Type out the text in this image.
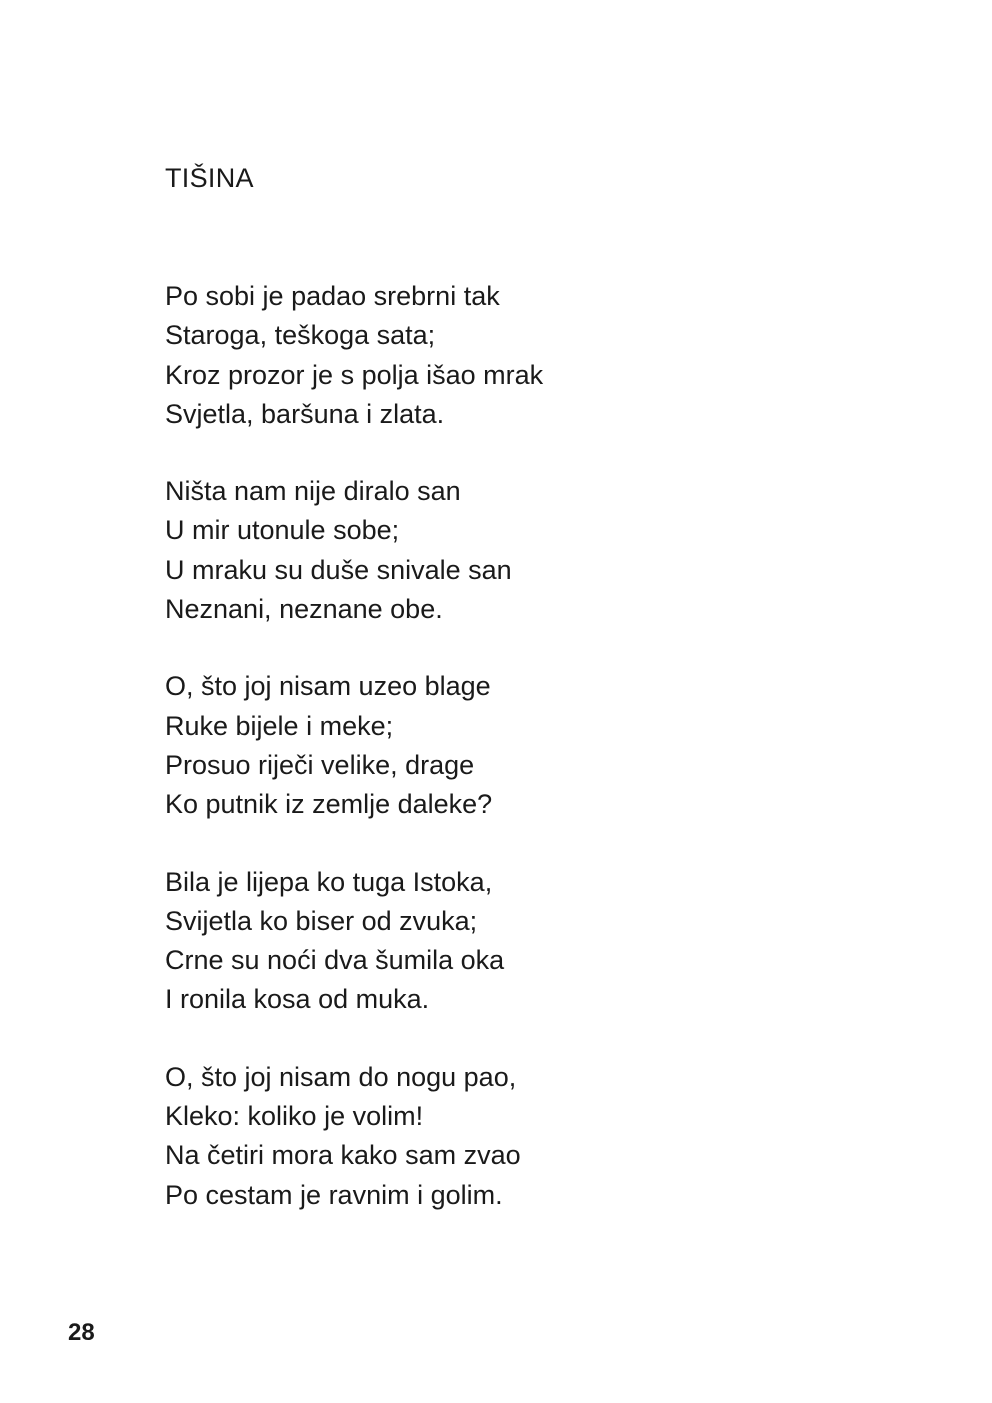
TIŠINA
Po sobi je padao srebrni tak
Staroga, teškoga sata;
Kroz prozor je s polja išao mrak
Svjetla, baršuna i zlata.
Ništa nam nije diralo san
U mir utonule sobe;
U mraku su duše snivale san
Neznani, neznane obe.
O, što joj nisam uzeo blage
Ruke bijele i meke;
Prosuo riječi velike, drage
Ko putnik iz zemlje daleke?
Bila je lijepa ko tuga Istoka,
Svijetla ko biser od zvuka;
Crne su noći dva šumila oka
I ronila kosa od muka.
O, što joj nisam do nogu pao,
Kleko: koliko je volim!
Na četiri mora kako sam zvao
Po cestam je ravnim i golim.
28
